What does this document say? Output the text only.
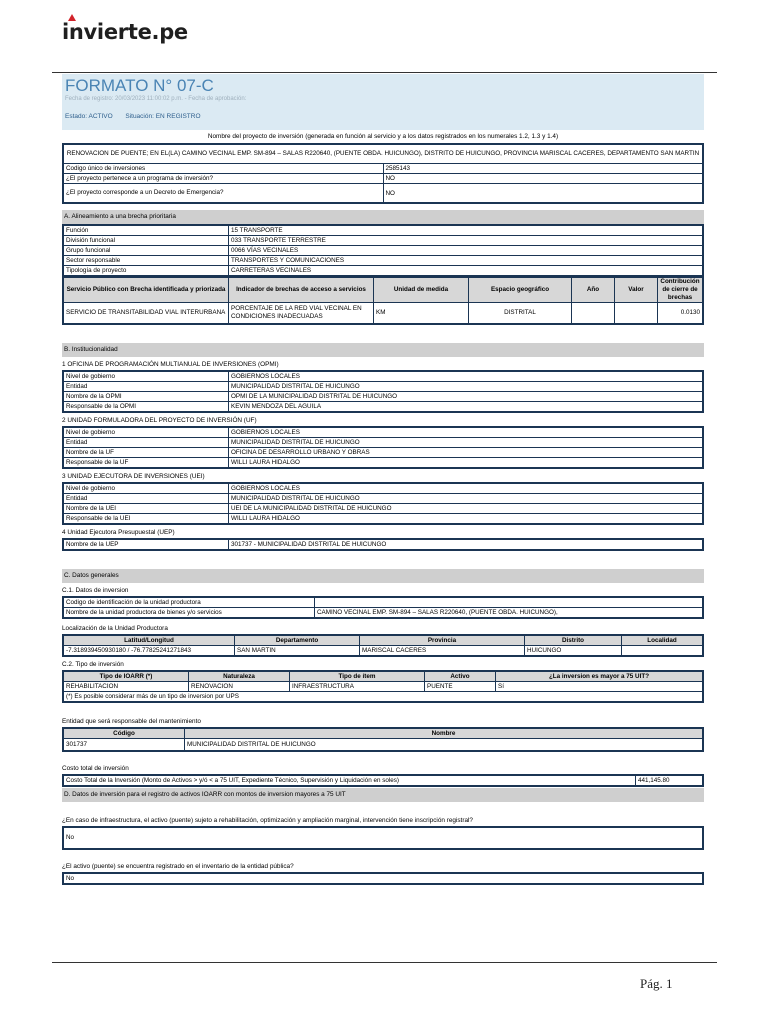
invierte.pe
FORMATO N° 07-C
Fecha de registro: 20/03/2023 11:00:02 p.m. - Fecha de aprobación:
Estado: ACTIVO Situación: EN REGISTRO
Nombre del proyecto de inversión (generada en función al servicio y a los datos registrados en los numerales 1.2, 1.3 y 1.4)
RENOVACION DE PUENTE; EN EL(LA) CAMINO VECINAL EMP. SM-894 – SALAS R220640, (PUENTE OBDA. HUICUNGO), DISTRITO DE HUICUNGO, PROVINCIA MARISCAL CACERES, DEPARTAMENTO SAN MARTIN	
Codigo único de inversiones	2585143
¿El proyecto pertenece a un programa de inversión?	NO
¿El proyecto corresponde a un Decreto de Emergencia?	NO
A. Alineamiento a una brecha prioritaria
Función	15 TRANSPORTE
División funcional	033 TRANSPORTE TERRESTRE
Grupo funcional	0066 VÍAS VECINALES
Sector responsable	TRANSPORTES Y COMUNICACIONES
Tipología de proyecto	CARRETERAS VECINALES
Servicio Público con Brecha identificada y priorizada	Indicador de brechas de acceso a servicios	Unidad de medida	Espacio geográfico	Año	Valor	Contribución de cierre de brechas
SERVICIO DE TRANSITABILIDAD VIAL INTERURBANA	PORCENTAJE DE LA RED VIAL VECINAL EN CONDICIONES INADECUADAS	KM	DISTRITAL			0.0130
B. Institucionalidad
1 OFICINA DE PROGRAMACIÓN MULTIANUAL DE INVERSIONES (OPMI)
Nivel de gobierno	GOBIERNOS LOCALES
Entidad	MUNICIPALIDAD DISTRITAL DE HUICUNGO
Nombre de la OPMI	OPMI DE LA MUNICIPALIDAD DISTRITAL DE HUICUNGO
Responsable de la OPMI	KEVIN MENDOZA DEL AGUILA
2 UNIDAD FORMULADORA DEL PROYECTO DE INVERSIÓN (UF)
Nivel de gobierno	GOBIERNOS LOCALES
Entidad	MUNICIPALIDAD DISTRITAL DE HUICUNGO
Nombre de la UF	OFICINA DE DESARROLLO URBANO Y OBRAS
Responsable de la UF	WILLI LAURA HIDALGO
3 UNIDAD EJECUTORA DE INVERSIONES (UEI)
Nivel de gobierno	GOBIERNOS LOCALES
Entidad	MUNICIPALIDAD DISTRITAL DE HUICUNGO
Nombre de la UEI	UEI DE LA MUNICIPALIDAD DISTRITAL DE HUICUNGO
Responsable de la UEI	WILLI LAURA HIDALGO
4 Unidad Ejecutora Presupuestal (UEP)
Nombre de la UEP	301737 - MUNICIPALIDAD DISTRITAL DE HUICUNGO
C. Datos generales
C.1. Datos de inversion
Codigo de identificación de la unidad productora	
Nombre de la unidad productora de bienes y/o servicios	CAMINO VECINAL EMP. SM-894 – SALAS R220640, (PUENTE OBDA. HUICUNGO),
Localización de la Unidad Productora
Latitud/Longitud	Departamento	Provincia	Distrito	Localidad
-7.318939450930180 / -76.77825241271843	SAN MARTIN	MARISCAL CACERES	HUICUNGO	
C.2. Tipo de inversión
Tipo de IOARR (*)	Naturaleza	Tipo de ítem	Activo	¿La inversion es mayor a 75 UIT?
REHABILITACION	RENOVACION	INFRAESTRUCTURA	PUENTE	Sí
(*) Es posible considerar más de un tipo de inversion por UPS				
Entidad que será responsable del mantenimiento
Código	Nombre
301737	MUNICIPALIDAD DISTRITAL DE HUICUNGO
Costo total de inversión
Costo Total de la Inversión (Monto de Activos > y/ó < a 75 UIT, Expediente Técnico, Supervisión y Liquidación en soles)	441,145.80
D. Datos de inversión para el registro de activos IOARR con montos de inversion mayores a 75 UIT
¿En caso de infraestructura, el activo (puente) sujeto a rehabilitación, optimización y ampliación marginal, intervención tiene inscripción registral?
No
¿El activo (puente) se encuentra registrado en el inventario de la entidad pública?
No
Pág. 1
